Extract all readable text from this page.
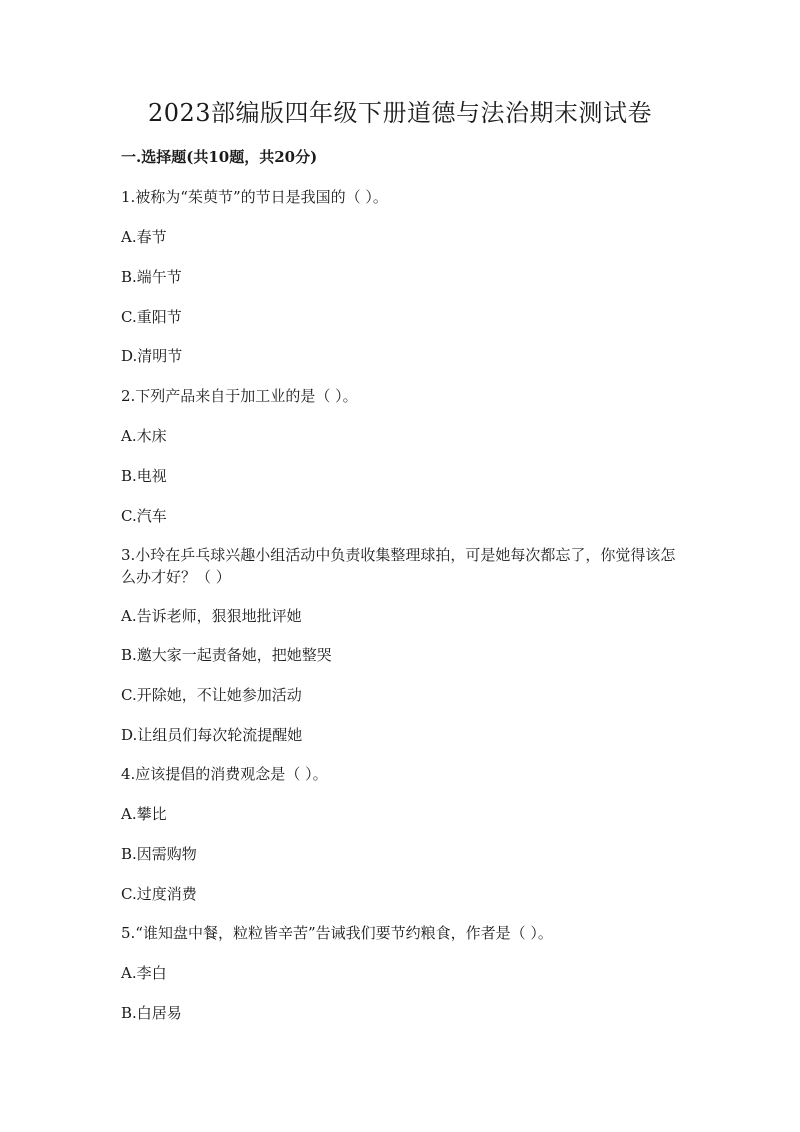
2023部编版四年级下册道德与法治期末测试卷

一.选择题(共10题，共20分)

1.被称为“茱萸节”的节日是我国的（ ）。

A.春节

B.端午节

C.重阳节

D.清明节

2.下列产品来自于加工业的是（ ）。

A.木床

B.电视

C.汽车

3.小玲在乒乓球兴趣小组活动中负责收集整理球拍，可是她每次都忘了，你觉得该怎么办才好？（ ）

A.告诉老师，狠狠地批评她

B.邀大家一起责备她，把她整哭

C.开除她，不让她参加活动

D.让组员们每次轮流提醒她

4.应该提倡的消费观念是（ ）。

A.攀比

B.因需购物

C.过度消费

5.“谁知盘中餐，粒粒皆辛苦”告诫我们要节约粮食，作者是（ ）。

A.李白

B.白居易
